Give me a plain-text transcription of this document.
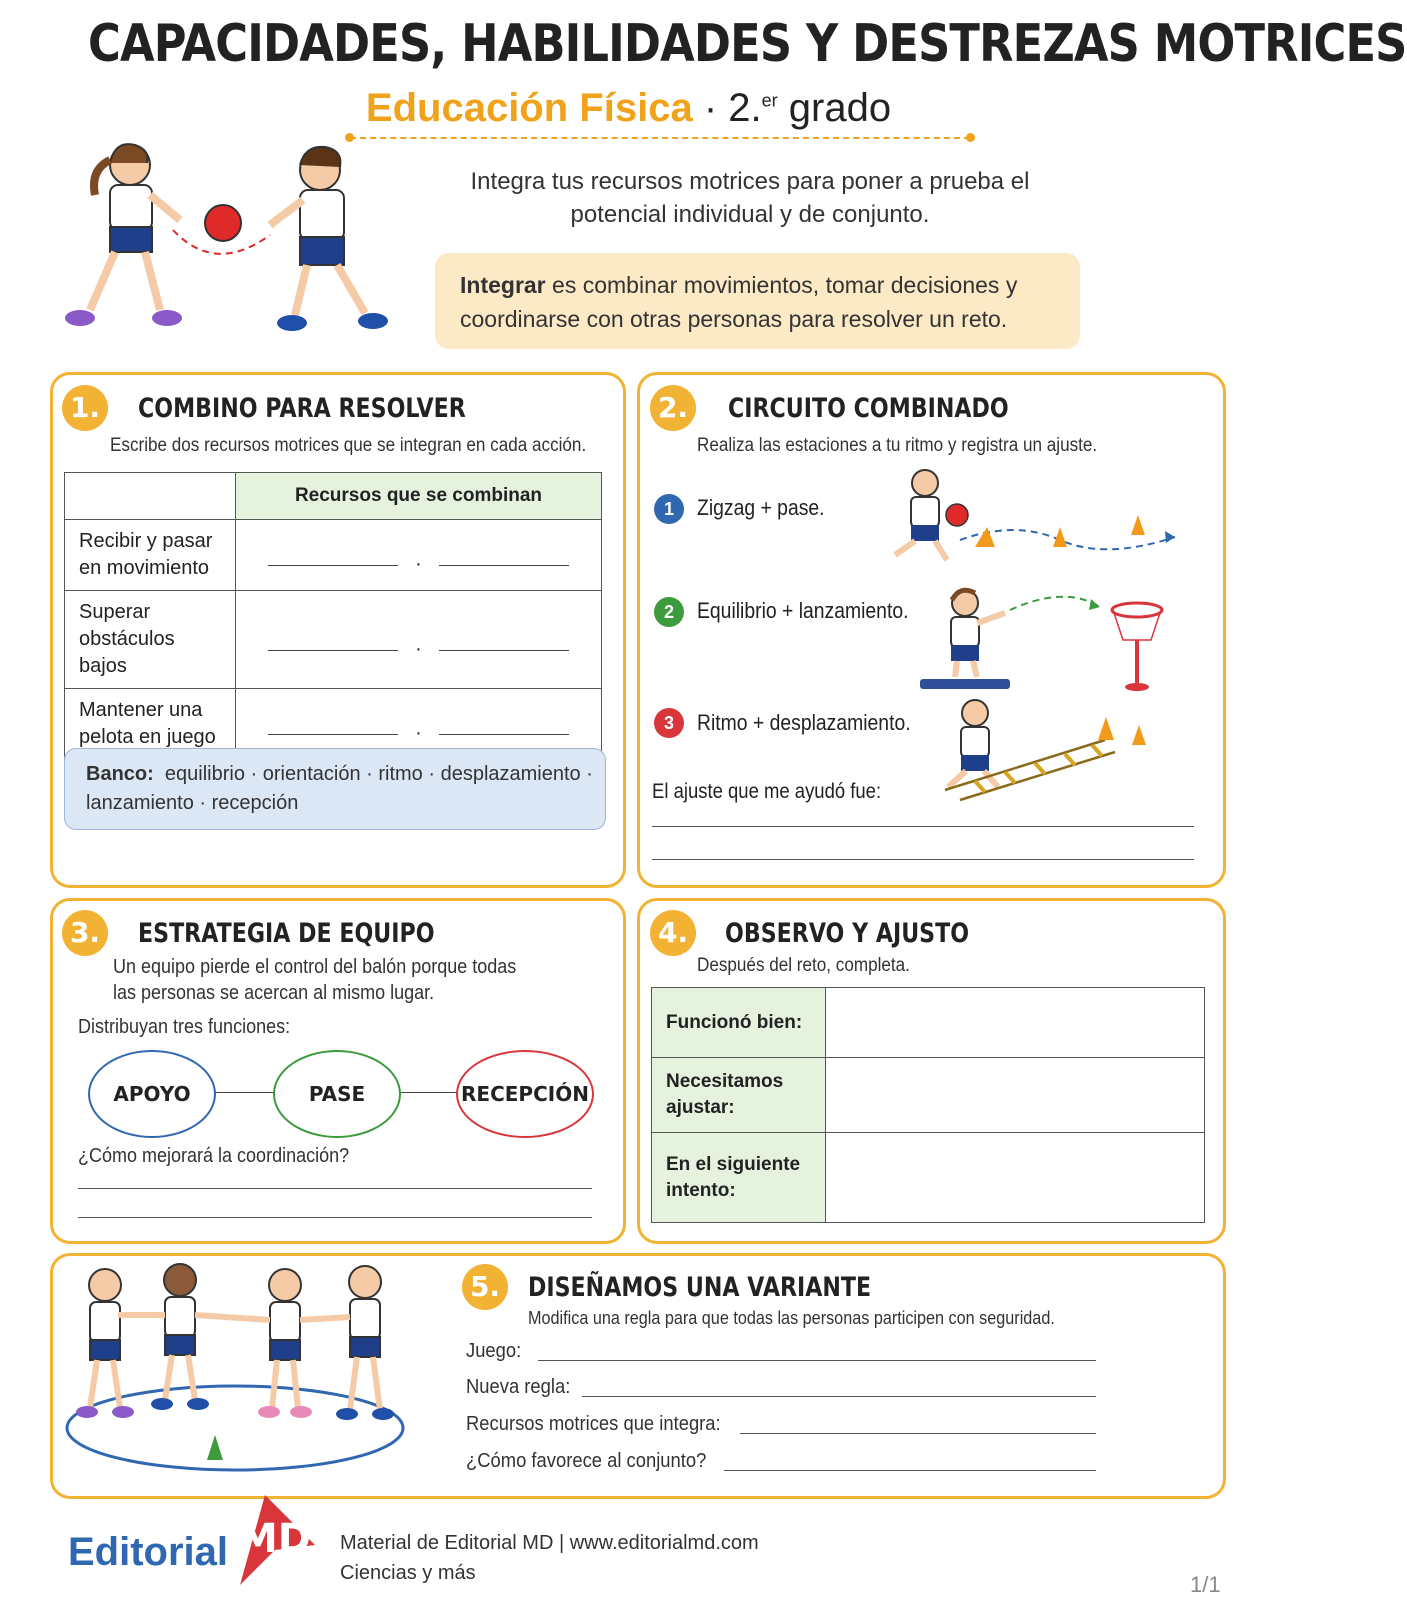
CAPACIDADES, HABILIDADES Y DESTREZAS MOTRICES
Educación Física · 2.$^{er}$ grado
Integra tus recursos motrices para poner a prueba el potencial individual y de conjunto.
Integrar es combinar movimientos, tomar decisiones y coordinarse con otras personas para resolver un reto.
1. COMBINO PARA RESOLVER
Escribe dos recursos motrices que se integran en cada acción.
	Recursos que se combinan
Recibir y pasar
en movimiento	·
Superar
obstáculos bajos	·
Mantener una
pelota en juego	·
Banco: equilibrio · orientación · ritmo · desplazamiento · lanzamiento · recepción
2. CIRCUITO COMBINADO
Realiza las estaciones a tu ritmo y registra un ajuste.
1	Zigzag + pase.
2	Equilibrio + lanzamiento.
3	Ritmo + desplazamiento.
El ajuste que me ayudó fue:
3. ESTRATEGIA DE EQUIPO
Un equipo pierde el control del balón porque todas
las personas se acercan al mismo lugar.
Distribuyan tres funciones:
APOYO	PASE	RECEPCIÓN
¿Cómo mejorará la coordinación?
4. OBSERVO Y AJUSTO
Después del reto, completa.
Funcionó bien:	
Necesitamos
ajustar:	
En el siguiente
intento:	
5. DISEÑAMOS UNA VARIANTE
Modifica una regla para que todas las personas participen con seguridad.
Juego:
Nueva regla:
Recursos motrices que integra:
¿Cómo favorece al conjunto?
Editorial MD Material de Editorial MD | www.editorialmd.com
Ciencias y más	1/1
